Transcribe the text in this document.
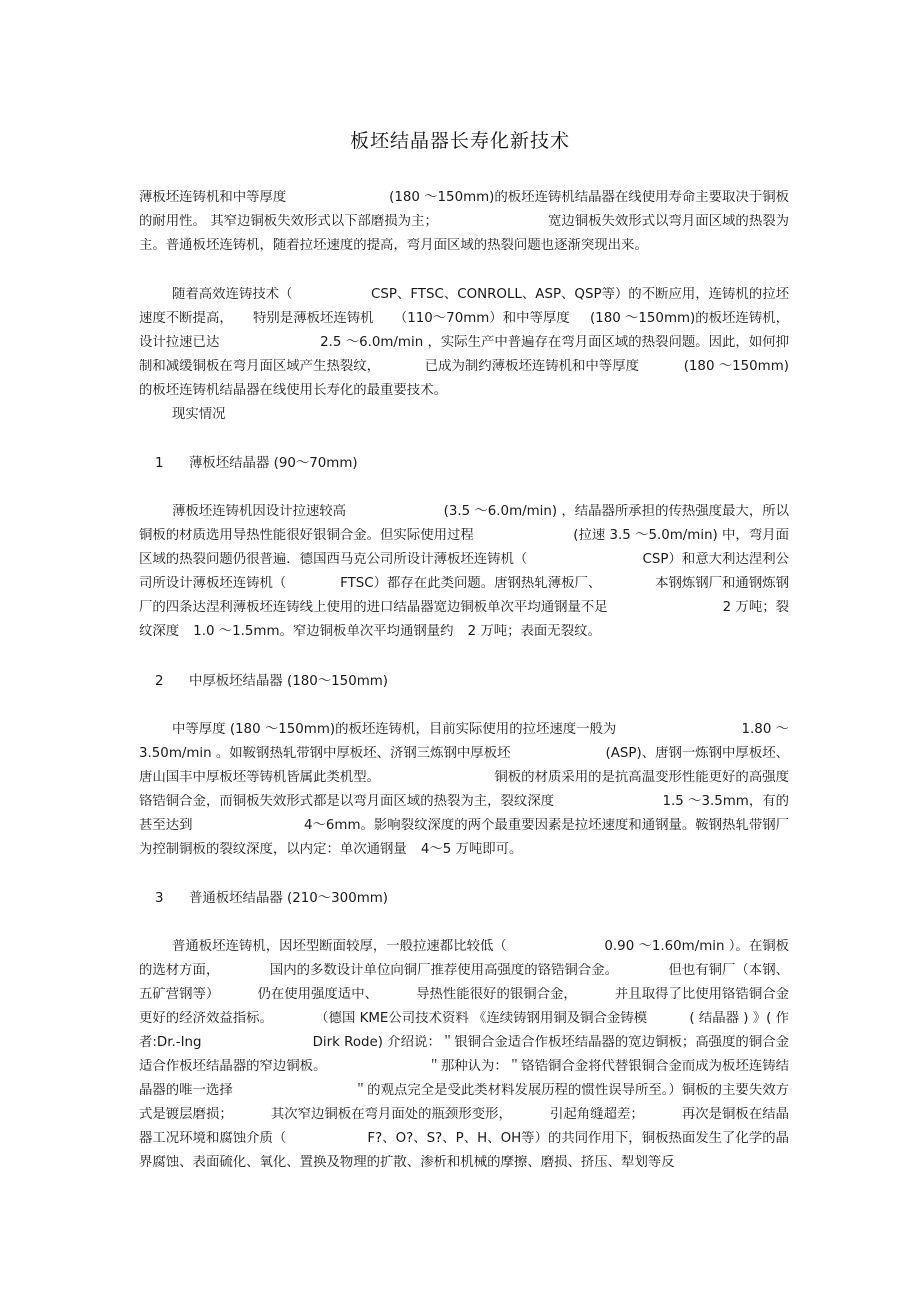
板坯结晶器长寿化新技术
薄板坯连铸机和中等厚度	(180 ～150mm)的板坯连铸机结晶器在线使用寿命主要取决于铜板
的耐用性。 其窄边铜板失效形式以下部磨损为主；	宽边铜板失效形式以弯月面区域的热裂为
主。普通板坯连铸机，随着拉坯速度的提高，弯月面区域的热裂问题也逐渐突现出来。
随着高效连铸技术（	CSP、FTSC、CONROLL、ASP、QSP等）的不断应用，连铸机的拉坯
速度不断提高， 特别是薄板坯连铸机 （110～70mm）和中等厚度 (180 ～150mm)的板坯连铸机，
设计拉速已达	2.5 ～6.0m/min ，实际生产中普遍存在弯月面区域的热裂问题。因此，如何抑
制和减缓铜板在弯月面区域产生热裂纹，	已成为制约薄板坯连铸机和中等厚度	(180 ～150mm)
的板坯连铸机结晶器在线使用长寿化的最重要技术。
现实情况
1 薄板坯结晶器 (90～70mm)
薄板坯连铸机因设计拉速较高	(3.5 ～6.0m/min) ，结晶器所承担的传热强度最大，所以
铜板的材质选用导热性能很好银铜合金。但实际使用过程	(拉速 3.5 ～5.0m/min) 中，弯月面
区域的热裂问题仍很普遍．德国西马克公司所设计薄板坯连铸机（	CSP）和意大利达涅利公
司所设计薄板坯连铸机（	FTSC）都存在此类问题。唐钢热轧薄板厂、	本钢炼钢厂和通钢炼钢
厂的四条达涅利薄板坯连铸线上使用的进口结晶器宽边铜板单次平均通钢量不足	2 万吨；裂
纹深度 1.0 ～1.5mm。窄边铜板单次平均通钢量约 2 万吨；表面无裂纹。
2 中厚板坯结晶器 (180～150mm)
中等厚度 (180 ～150mm)的板坯连铸机，目前实际使用的拉坯速度一般为	1.80 ～
3.50m/min 。如鞍钢热轧带钢中厚板坯、济钢三炼钢中厚板坯	(ASP)、唐钢一炼钢中厚板坯、
唐山国丰中厚板坯等铸机皆属此类机型。	铜板的材质采用的是抗高温变形性能更好的高强度
铬锆铜合金，而铜板失效形式都是以弯月面区域的热裂为主，裂纹深度	1.5 ～3.5mm，有的
甚至达到	4～6mm。影响裂纹深度的两个最重要因素是拉坯速度和通钢量。鞍钢热轧带钢厂
为控制铜板的裂纹深度，以内定：单次通钢量 4～5 万吨即可。
3 普通板坯结晶器 (210～300mm)
普通板坯连铸机，因坯型断面较厚，一般拉速都比较低（	0.90 ～1.60m/min ）。在铜板
的选材方面，	国内的多数设计单位向铜厂推荐使用高强度的铬锆铜合金。	但也有铜厂（本钢、
五矿营钢等）	仍在使用强度适中、	导热性能很好的银铜合金，	并且取得了比使用铬锆铜合金
更好的经济效益指标。	（德国 KME公司技术资料 《连续铸钢用铜及铜合金铸模	( 结晶器 ) 》( 作
者:Dr.-Ing	Dirk Rode) 介绍说：＂银铜合金适合作板坯结晶器的宽边铜板；高强度的铜合金
适合作板坯结晶器的窄边铜板。	＂那种认为：＂铬锆铜合金将代替银铜合金而成为板坯连铸结
晶器的唯一选择	＂的观点完全是受此类材料发展历程的惯性误导所至。）铜板的主要失效方
式是镀层磨损；	其次窄边铜板在弯月面处的瓶颈形变形，	引起角缝超差；	再次是铜板在结晶
器工况环境和腐蚀介质（	F?、O?、S?、P、H、OH等）的共同作用下，铜板热面发生了化学的晶
界腐蚀、表面硫化、氧化、置换及物理的扩散、渗析和机械的摩擦、磨损、挤压、犁划等反
